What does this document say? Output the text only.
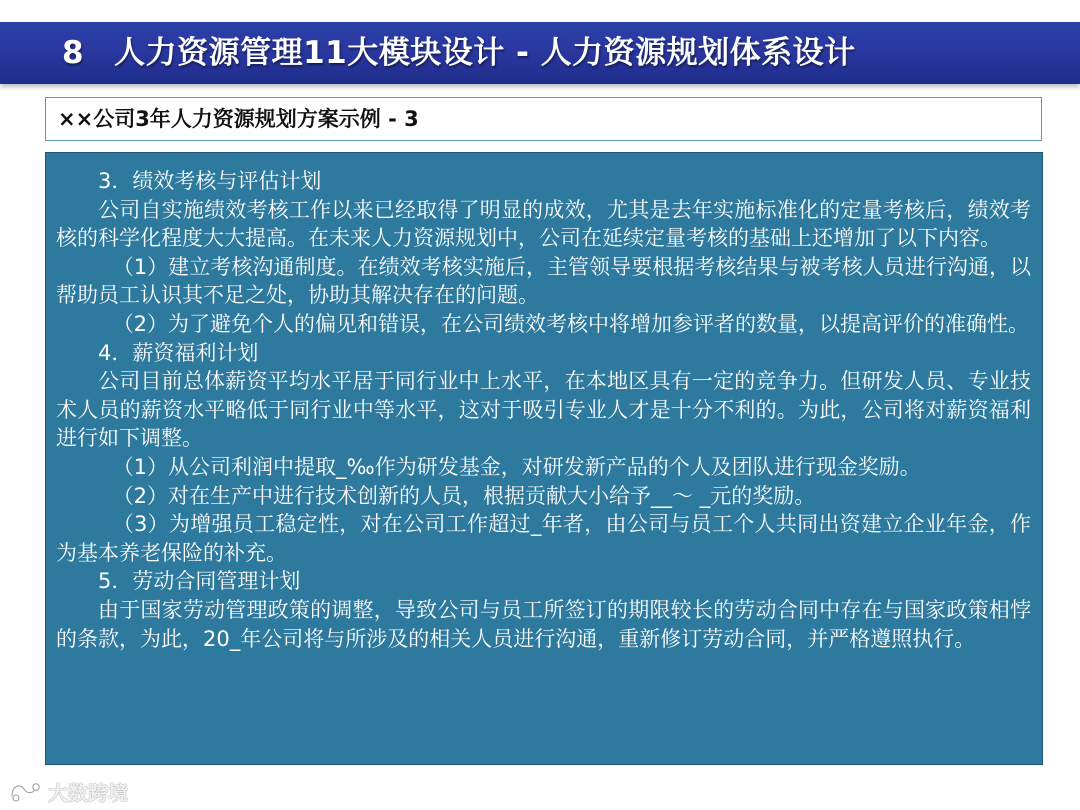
8 人力资源管理11大模块设计 - 人力资源规划体系设计
××公司3年人力资源规划方案示例 - 3

3．绩效考核与评估计划

公司自实施绩效考核工作以来已经取得了明显的成效，尤其是去年实施标准化的定量考核后，绩效考核的科学化程度大大提高。在未来人力资源规划中，公司在延续定量考核的基础上还增加了以下内容。

（1）建立考核沟通制度。在绩效考核实施后，主管领导要根据考核结果与被考核人员进行沟通，以帮助员工认识其不足之处，协助其解决存在的问题。

（2）为了避免个人的偏见和错误，在公司绩效考核中将增加参评者的数量，以提高评价的准确性。

4．薪资福利计划

公司目前总体薪资平均水平居于同行业中上水平，在本地区具有一定的竞争力。但研发人员、专业技术人员的薪资水平略低于同行业中等水平，这对于吸引专业人才是十分不利的。为此，公司将对薪资福利进行如下调整。

（1）从公司利润中提取_‰作为研发基金，对研发新产品的个人及团队进行现金奖励。

（2）对在生产中进行技术创新的人员，根据贡献大小给予__～ _元的奖励。

（3）为增强员工稳定性，对在公司工作超过_年者，由公司与员工个人共同出资建立企业年金，作为基本养老保险的补充。

5．劳动合同管理计划

由于国家劳动管理政策的调整，导致公司与员工所签订的期限较长的劳动合同中存在与国家政策相悖的条款，为此，20_年公司将与所涉及的相关人员进行沟通，重新修订劳动合同，并严格遵照执行。

大数跨境
